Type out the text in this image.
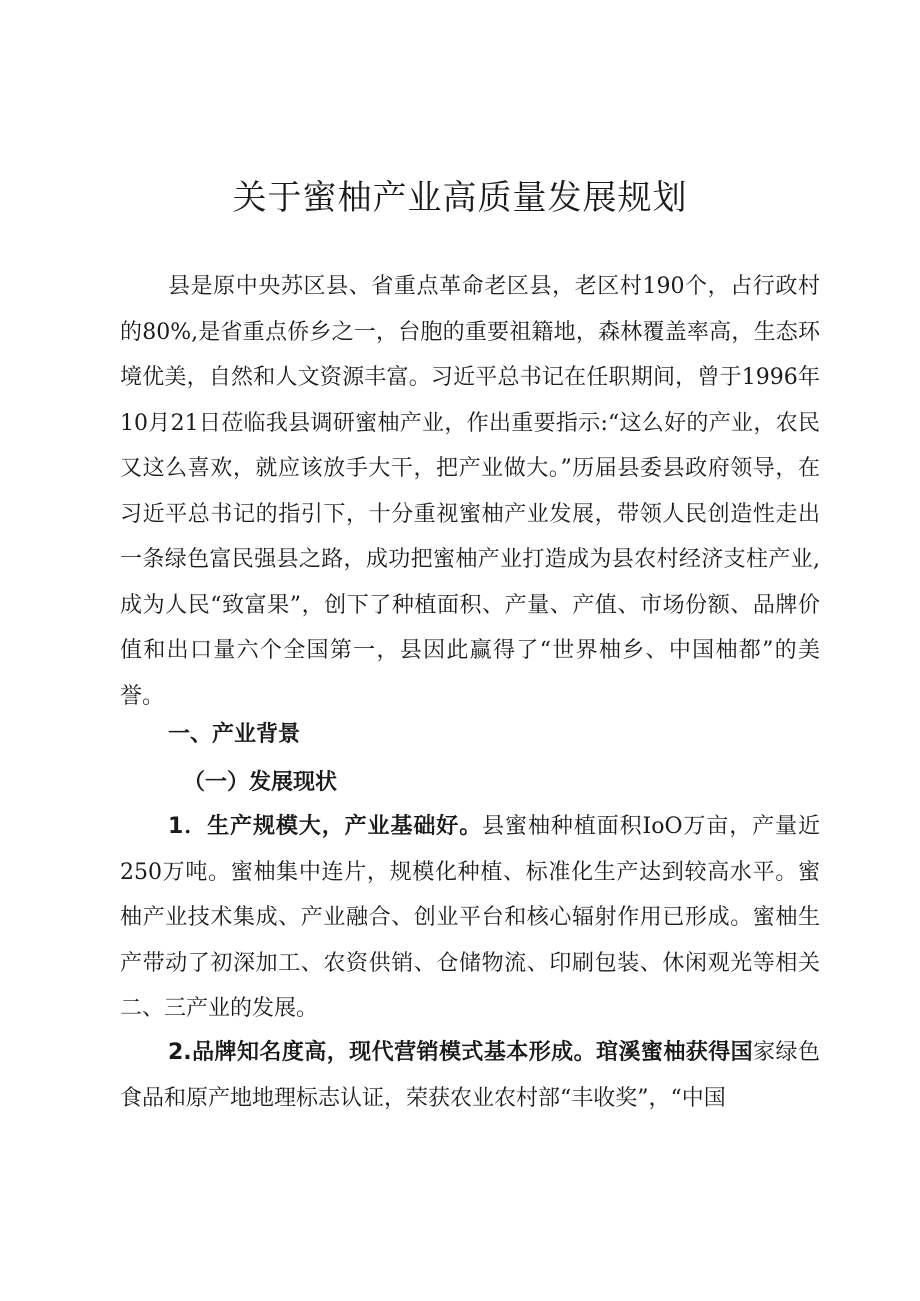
关于蜜柚产业高质量发展规划

县是原中央苏区县、省重点革命老区县，老区村190个，占行政村的80%,是省重点侨乡之一，台胞的重要祖籍地，森林覆盖率高，生态环境优美，自然和人文资源丰富。习近平总书记在任职期间，曾于1996年10月21日莅临我县调研蜜柚产业，作出重要指示:“这么好的产业，农民又这么喜欢，就应该放手大干，把产业做大。”历届县委县政府领导，在习近平总书记的指引下，十分重视蜜柚产业发展，带领人民创造性走出一条绿色富民强县之路，成功把蜜柚产业打造成为县农村经济支柱产业,成为人民“致富果”，创下了种植面积、产量、产值、市场份额、品牌价值和出口量六个全国第一，县因此赢得了“世界柚乡、中国柚都”的美誉。

一、产业背景
（一）发展现状

1．生产规模大，产业基础好。县蜜柚种植面积IoO万亩，产量近250万吨。蜜柚集中连片，规模化种植、标准化生产达到较高水平。蜜柚产业技术集成、产业融合、创业平台和核心辐射作用已形成。蜜柚生产带动了初深加工、农资供销、仓储物流、印刷包装、休闲观光等相关二、三产业的发展。

2.品牌知名度高，现代营销模式基本形成。琯溪蜜柚获得国家绿色食品和原产地地理标志认证，荣获农业农村部“丰收奖”，“中国
